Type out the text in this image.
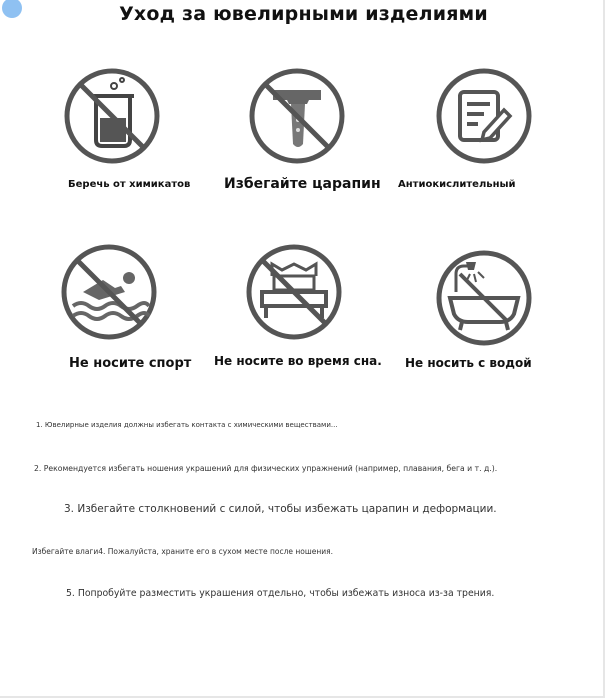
Уход за ювелирными изделиями
Беречь от химикатов Избегайте царапин Антиокислительный
Не носите спорт Не носите во время сна. Не носить с водой
1. Ювелирные изделия должны избегать контакта с химическими веществами...
2. Рекомендуется избегать ношения украшений для физических упражнений (например, плавания, бега и т. д.).
3. Избегайте столкновений с силой, чтобы избежать царапин и деформации.
Избегайте влаги4. Пожалуйста, храните его в сухом месте после ношения.
5. Попробуйте разместить украшения отдельно, чтобы избежать износа из-за трения.
